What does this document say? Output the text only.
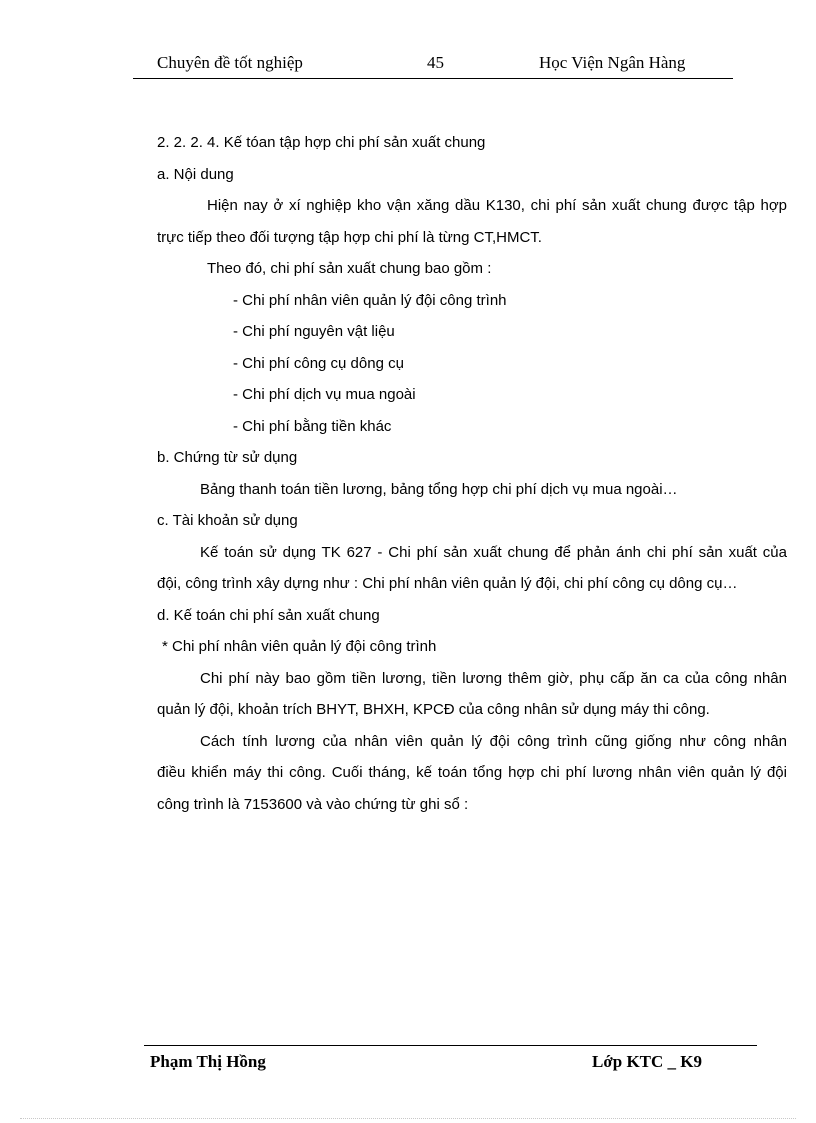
Chuyên đề tốt nghiệp	45	Học Viện Ngân Hàng
2. 2. 2. 4. Kế tóan tập hợp chi phí sản xuất chung
a. Nội dung
Hiện nay ở xí nghiệp kho vận xăng dầu K130, chi phí sản xuất chung được tập hợp
trực tiếp theo đối tượng tập hợp chi phí là từng CT,HMCT.
Theo đó, chi phí sản xuất chung bao gồm :
- Chi phí nhân viên quản lý đội công trình
- Chi phí nguyên vật liệu
- Chi phí công cụ dông cụ
- Chi phí dịch vụ mua ngoài
- Chi phí bằng tiền khác
b. Chứng từ sử dụng
Bảng thanh toán tiền lương, bảng tổng hợp chi phí dịch vụ mua ngoài…
c. Tài khoản sử dụng
Kế toán sử dụng TK 627 - Chi phí sản xuất chung để phản ánh chi phí sản xuất của
đội, công trình xây dựng như : Chi phí nhân viên quản lý đội, chi phí công cụ dông cụ…
d. Kế toán chi phí sản xuất chung
* Chi phí nhân viên quản lý đội công trình
Chi phí này bao gồm tiền lương, tiền lương thêm giờ, phụ cấp ăn ca của công nhân
quản lý đội, khoản trích BHYT, BHXH, KPCĐ của công nhân sử dụng máy thi công.
Cách tính lương của nhân viên quản lý đội công trình cũng giống như công nhân
điều khiển máy thi công. Cuối tháng, kế toán tổng hợp chi phí lương nhân viên quản lý đội
công trình là 7153600 và vào chứng từ ghi sổ :
Phạm Thị Hồng	Lớp KTC _ K9
